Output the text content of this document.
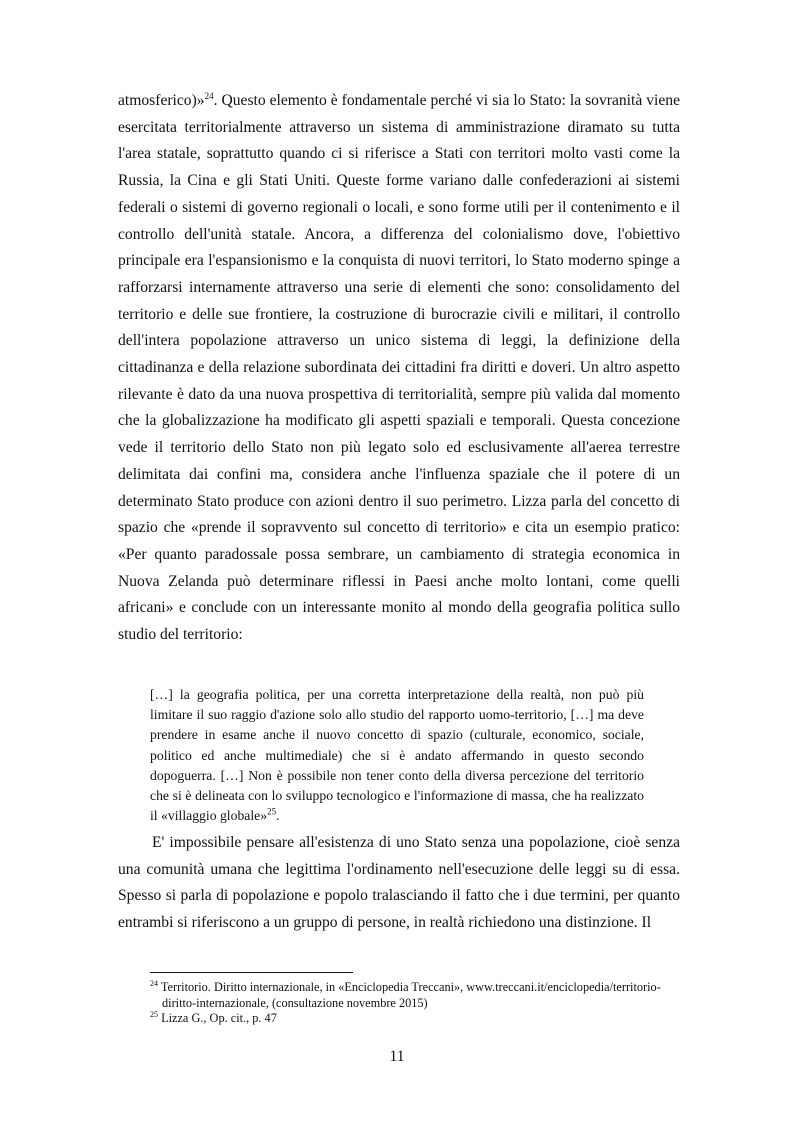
atmosferico)»$^{24}$. Questo elemento è fondamentale perché vi sia lo Stato: la sovranità viene esercitata territorialmente attraverso un sistema di amministrazione diramato su tutta l'area statale, soprattutto quando ci si riferisce a Stati con territori molto vasti come la Russia, la Cina e gli Stati Uniti. Queste forme variano dalle confederazioni ai sistemi federali o sistemi di governo regionali o locali, e sono forme utili per il contenimento e il controllo dell'unità statale. Ancora, a differenza del colonialismo dove, l'obiettivo principale era l'espansionismo e la conquista di nuovi territori, lo Stato moderno spinge a rafforzarsi internamente attraverso una serie di elementi che sono: consolidamento del territorio e delle sue frontiere, la costruzione di burocrazie civili e militari, il controllo dell'intera popolazione attraverso un unico sistema di leggi, la definizione della cittadinanza e della relazione subordinata dei cittadini fra diritti e doveri. Un altro aspetto rilevante è dato da una nuova prospettiva di territorialità, sempre più valida dal momento che la globalizzazione ha modificato gli aspetti spaziali e temporali. Questa concezione vede il territorio dello Stato non più legato solo ed esclusivamente all'aerea terrestre delimitata dai confini ma, considera anche l'influenza spaziale che il potere di un determinato Stato produce con azioni dentro il suo perimetro. Lizza parla del concetto di spazio che «prende il sopravvento sul concetto di territorio» e cita un esempio pratico: «Per quanto paradossale possa sembrare, un cambiamento di strategia economica in Nuova Zelanda può determinare riflessi in Paesi anche molto lontani, come quelli africani» e conclude con un interessante monito al mondo della geografia politica sullo studio del territorio:

[…] la geografia politica, per una corretta interpretazione della realtà, non può più limitare il suo raggio d'azione solo allo studio del rapporto uomo-territorio, […] ma deve prendere in esame anche il nuovo concetto di spazio (culturale, economico, sociale, politico ed anche multimediale) che si è andato affermando in questo secondo dopoguerra. […] Non è possibile non tener conto della diversa percezione del territorio che si è delineata con lo sviluppo tecnologico e l'informazione di massa, che ha realizzato il «villaggio globale»$^{25}$.

E' impossibile pensare all'esistenza di uno Stato senza una popolazione, cioè senza una comunità umana che legittima l'ordinamento nell'esecuzione delle leggi su di essa. Spesso si parla di popolazione e popolo tralasciando il fatto che i due termini, per quanto entrambi si riferiscono a un gruppo di persone, in realtà richiedono una distinzione. Il

$^{24}$ Territorio. Diritto internazionale, in «Enciclopedia Treccani», www.treccani.it/enciclopedia/territorio-diritto-internazionale, (consultazione novembre 2015)

$^{25}$ Lizza G., Op. cit., p. 47

11
